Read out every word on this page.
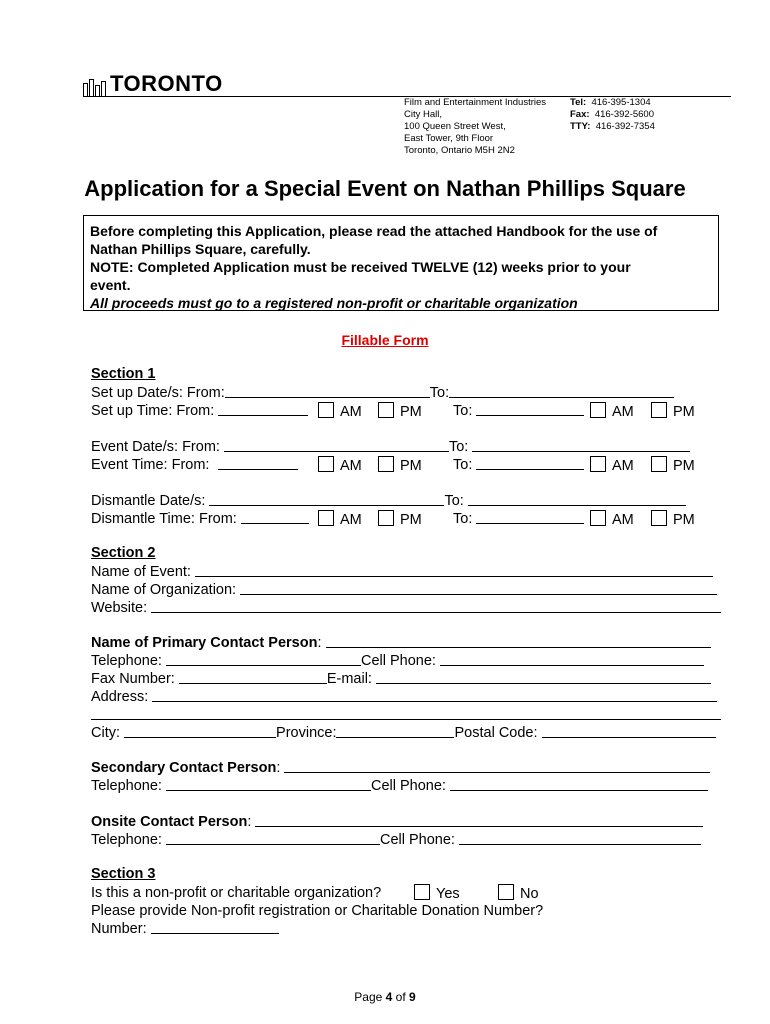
TORONTO
Film and Entertainment Industries
City Hall,
100 Queen Street West,
East Tower, 9th Floor
Toronto, Ontario M5H 2N2
Tel: 416-395-1304
Fax: 416-392-5600
TTY: 416-392-7354
Application for a Special Event on Nathan Phillips Square
Before completing this Application, please read the attached Handbook for the use of
Nathan Phillips Square, carefully.
NOTE: Completed Application must be received TWELVE (12) weeks prior to your
event.
All proceeds must go to a registered non-profit or charitable organization
Fillable Form
Section 1
Set up Date/s: From:	To:
Set up Time: From:	AM	PM To:	AM	PM
Event Date/s: From:	To:
Event Time: From:	AM	PM To:	AM	PM
Dismantle Date/s:	To:
Dismantle Time: From:	AM	PM To:	AM	PM
Section 2
Name of Event:
Name of Organization:
Website:
Name of Primary Contact Person:
Telephone:	Cell Phone:
Fax Number:	E-mail:
Address:
City:	Province:	Postal Code:
Secondary Contact Person:
Telephone:	Cell Phone:
Onsite Contact Person:
Telephone:	Cell Phone:
Section 3
Is this a non-profit or charitable organization?	Yes	No
Please provide Non-profit registration or Charitable Donation Number?
Number:
Page 4 of 9
